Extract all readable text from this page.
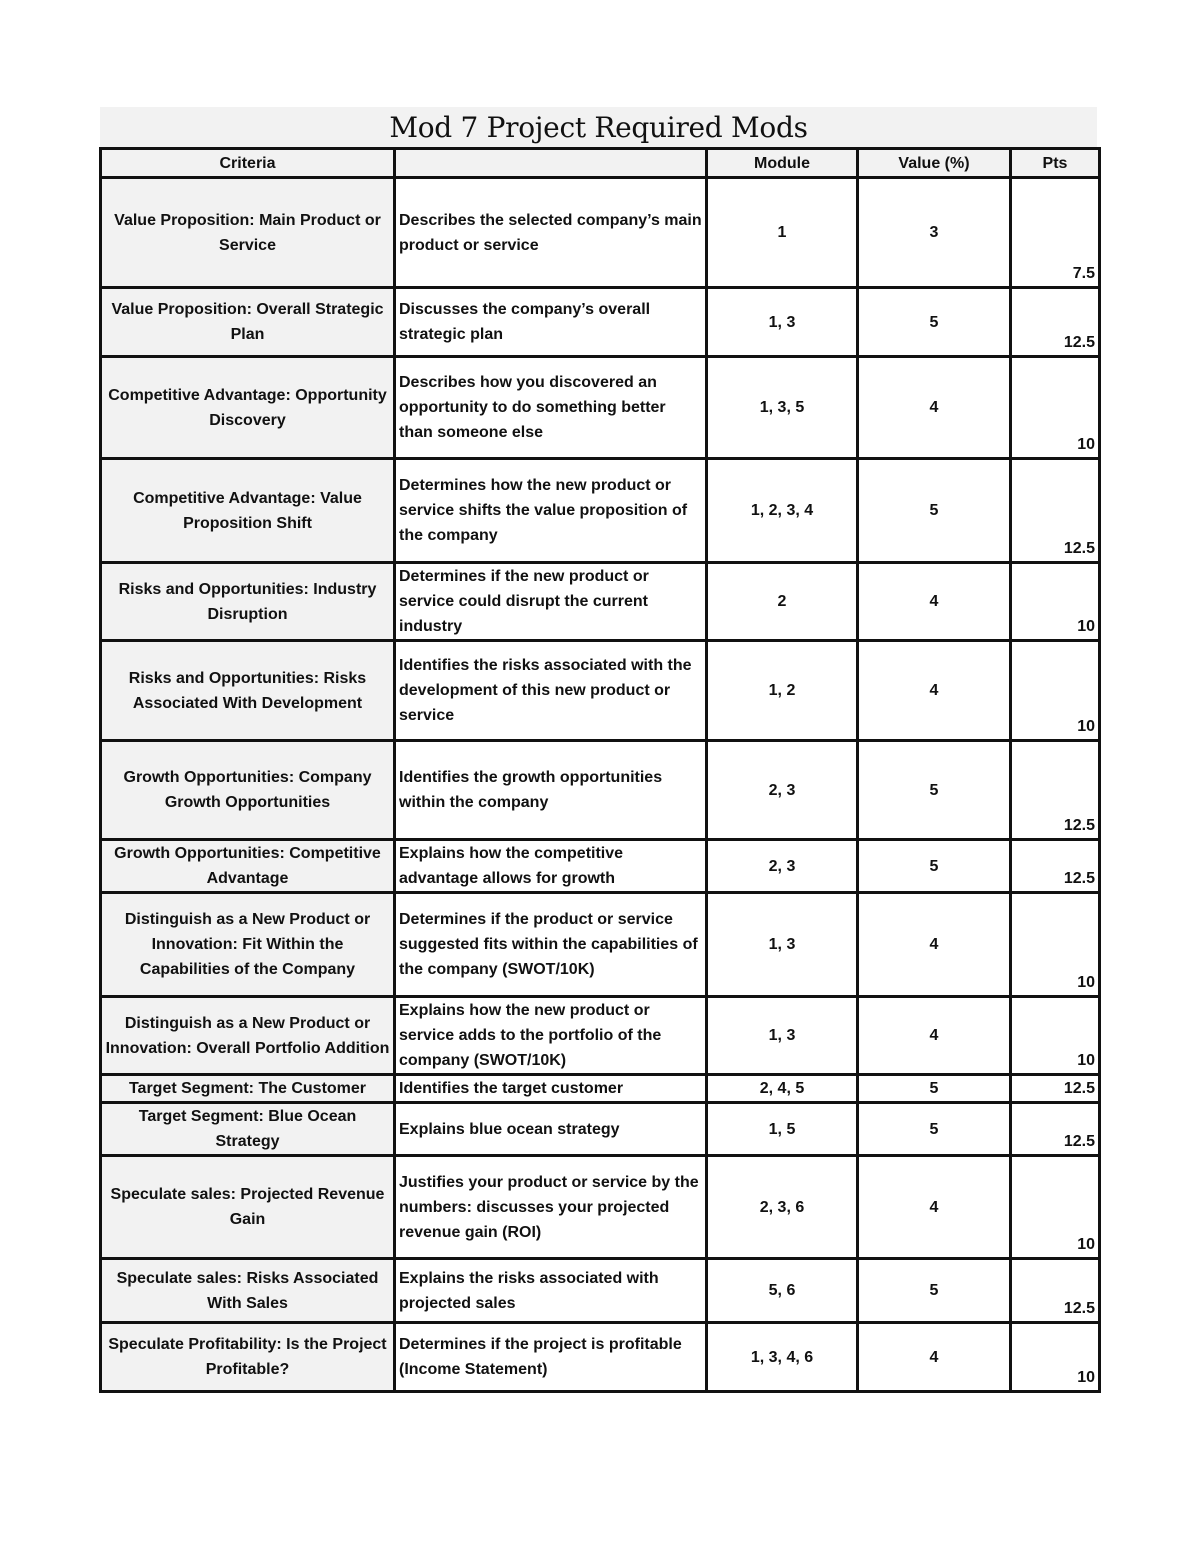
Mod 7 Project Required Mods
Criteria		Module	Value (%)	Pts
Value Proposition: Main Product or Service	Describes the selected company’s main product or service	1	3	7.5
Value Proposition: Overall Strategic Plan	Discusses the company’s overall strategic plan	1, 3	5	12.5
Competitive Advantage: Opportunity Discovery	Describes how you discovered an opportunity to do something better than someone else	1, 3, 5	4	10
Competitive Advantage: Value Proposition Shift	Determines how the new product or service shifts the value proposition of the company	1, 2, 3, 4	5	12.5
Risks and Opportunities: Industry Disruption	Determines if the new product or service could disrupt the current industry	2	4	10
Risks and Opportunities: Risks Associated With Development	Identifies the risks associated with the development of this new product or service	1, 2	4	10
Growth Opportunities: Company Growth Opportunities	Identifies the growth opportunities within the company	2, 3	5	12.5
Growth Opportunities: Competitive Advantage	Explains how the competitive advantage allows for growth	2, 3	5	12.5
Distinguish as a New Product or Innovation: Fit Within the Capabilities of the Company	Determines if the product or service suggested fits within the capabilities of the company (SWOT/10K)	1, 3	4	10
Distinguish as a New Product or Innovation: Overall Portfolio Addition	Explains how the new product or service adds to the portfolio of the company (SWOT/10K)	1, 3	4	10
Target Segment: The Customer	Identifies the target customer	2, 4, 5	5	12.5
Target Segment: Blue Ocean Strategy	Explains blue ocean strategy	1, 5	5	12.5
Speculate sales: Projected Revenue Gain	Justifies your product or service by the numbers: discusses your projected revenue gain (ROI)	2, 3, 6	4	10
Speculate sales: Risks Associated With Sales	Explains the risks associated with projected sales	5, 6	5	12.5
Speculate Profitability: Is the Project Profitable?	Determines if the project is profitable (Income Statement)	1, 3, 4, 6	4	10
